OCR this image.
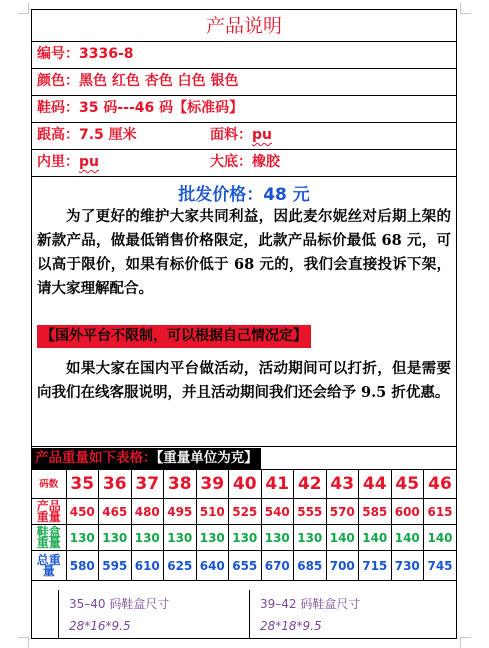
产品说明
编号：3336-8
颜色：黑色 红色 杏色 白色 银色
鞋码：35 码---46 码【标准码】
跟高：7.5 厘米	面料：pu
内里：pu	大底：橡胶
批发价格：48 元
为了更好的维护大家共同利益，因此麦尔妮丝对后期上架的新款产品，做最低销售价格限定，此款产品标价最低 68 元，可以高于限价，如果有标价低于 68 元的，我们会直接投诉下架，请大家理解配合。
【国外平台不限制，可以根据自己情况定】
如果大家在国内平台做活动，活动期间可以打折，但是需要向我们在线客服说明，并且活动期间我们还会给予 9.5 折优惠。
产品重量如下表格：【重量单位为克】
码数	35	36	37	38	39	40	41	42	43	44	45	46
产品重量	450	465	480	495	510	525	540	555	570	585	600	615
鞋盒重量	130	130	130	130	130	130	130	130	140	140	140	140
总重量	580	595	610	625	640	655	670	685	700	715	730	745
35–40 码鞋盒尺寸
28*16*9.5
39–42 码鞋盒尺寸
28*18*9.5
